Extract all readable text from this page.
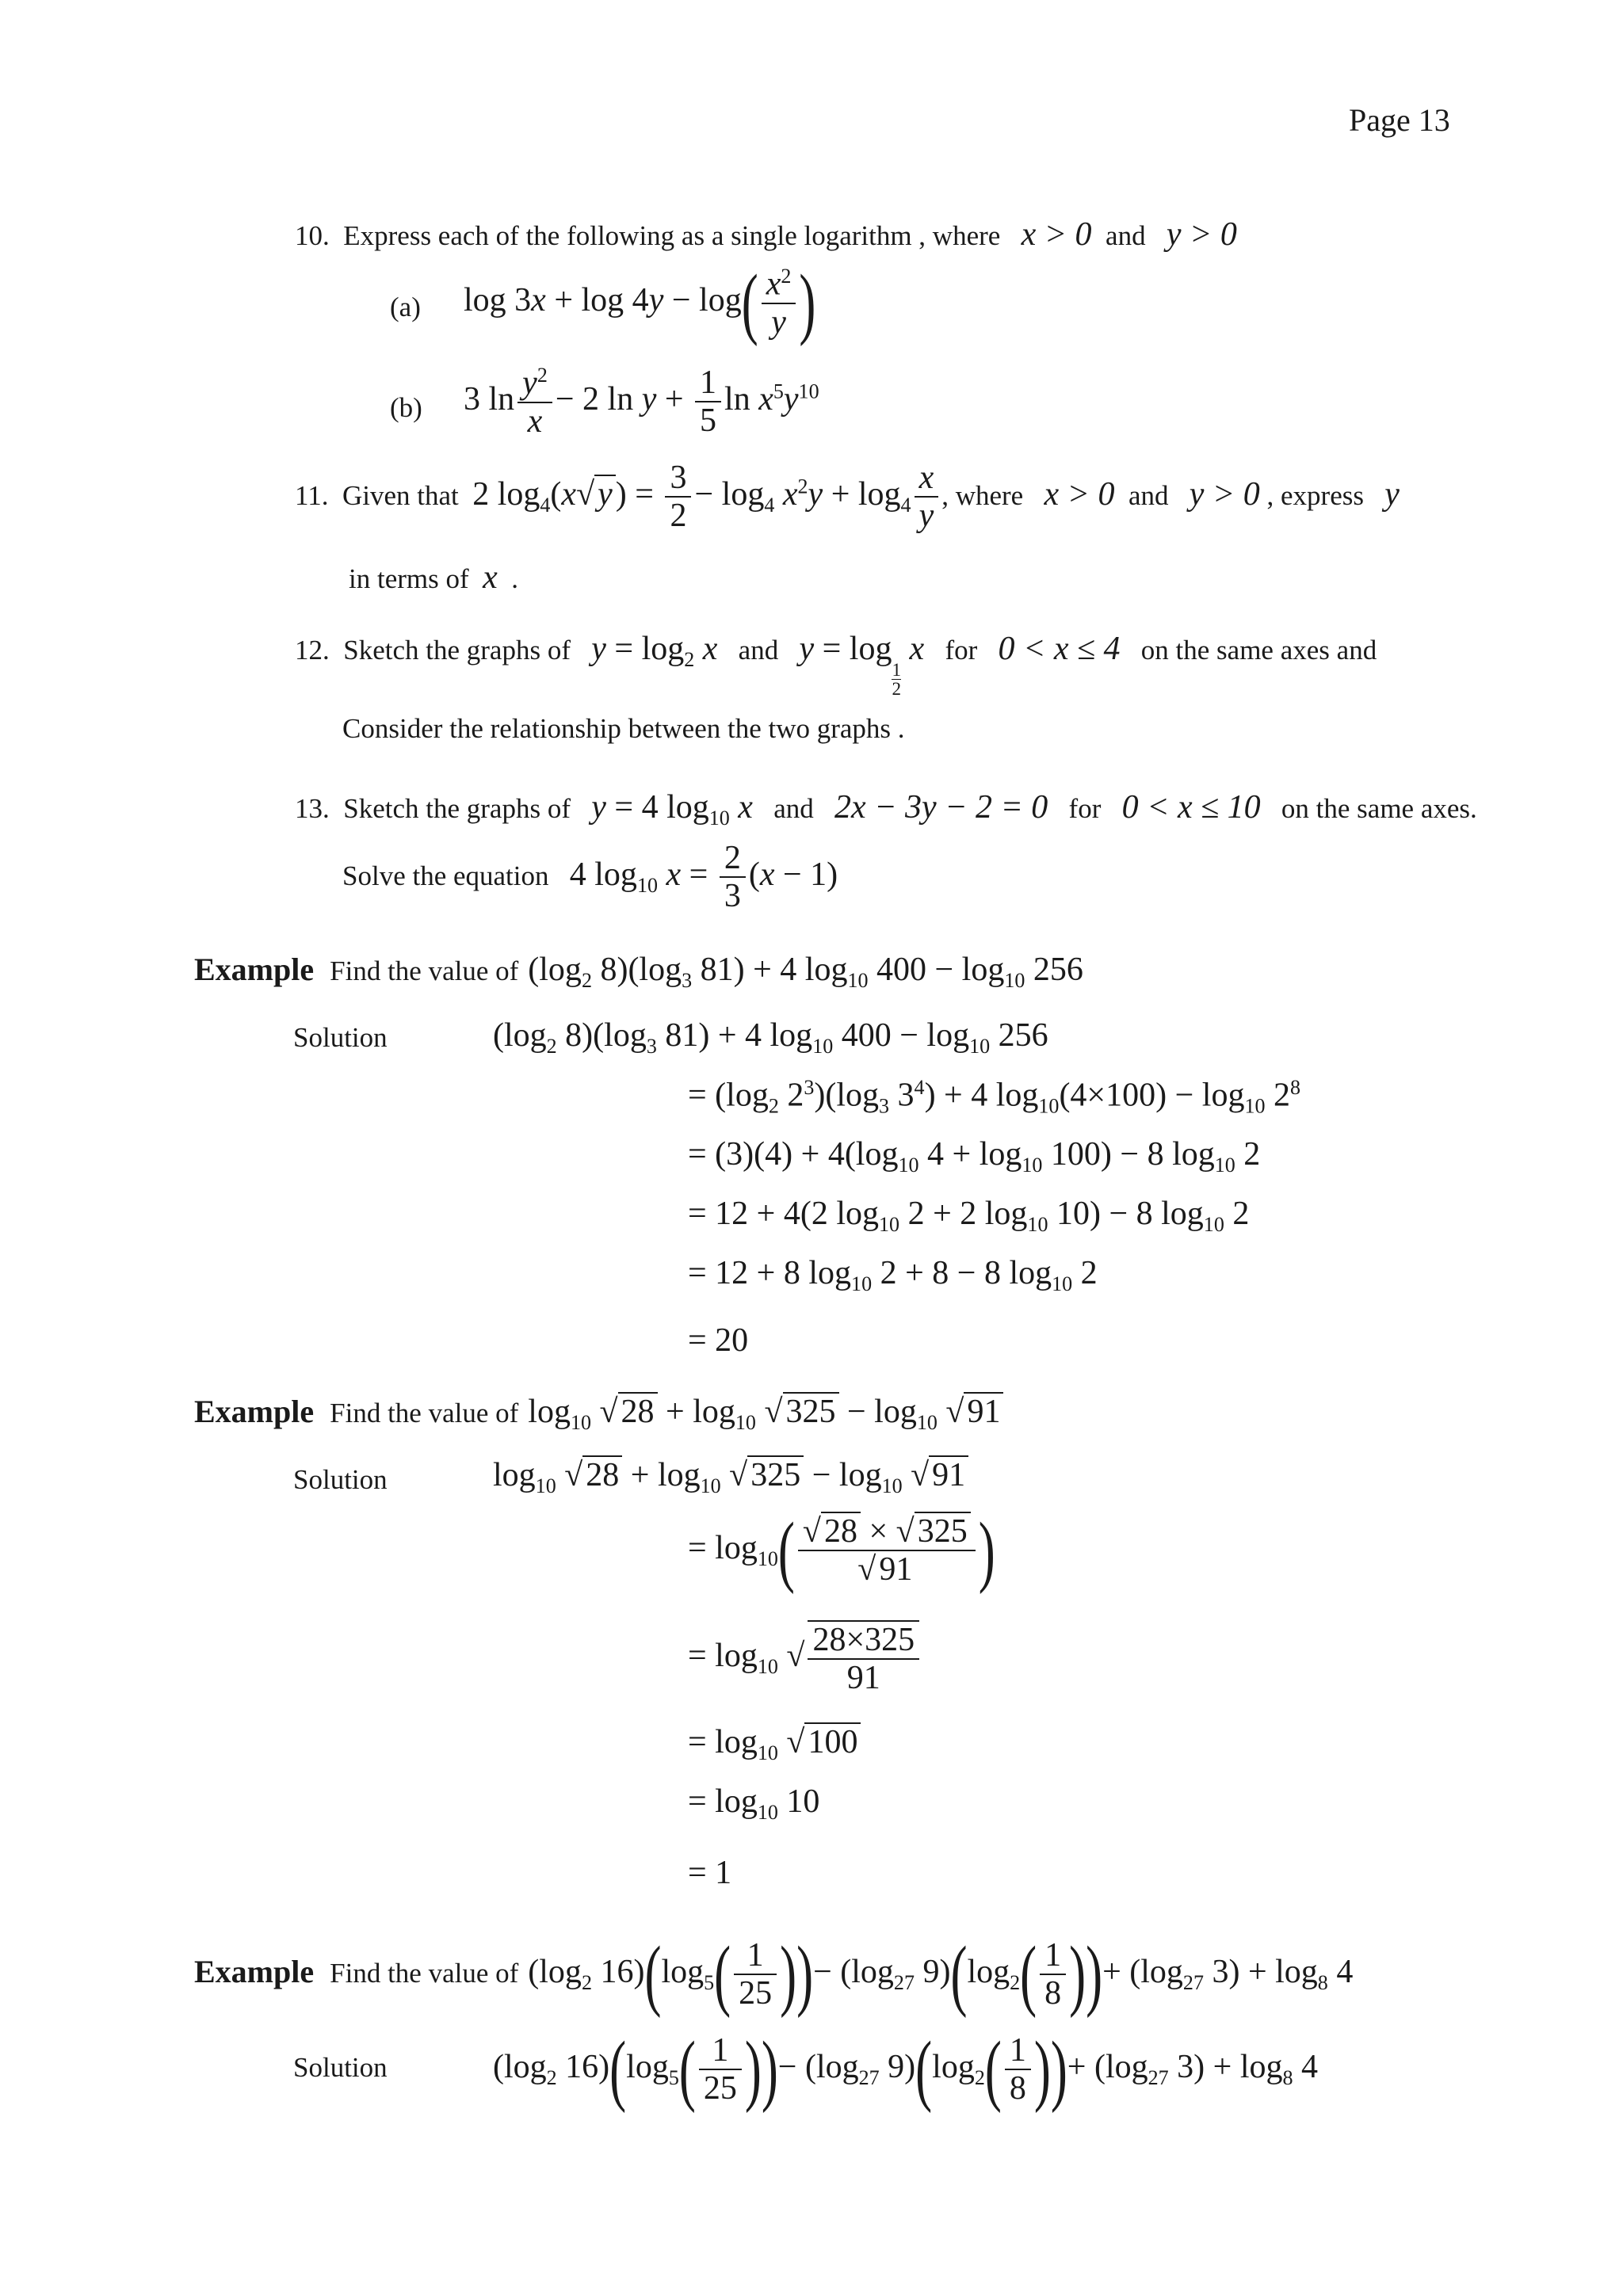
Page 13
10. Express each of the following as a single logarithm , where x > 0 and y > 0
(a) $\log 3x + \log 4y - \log( \frac{x^2}{y}$ )
(b) 3 $\ln \frac{y^2}{x} - 2$ $\ln y + \frac{1}{5}$ $\ln x^5y^{10}$
11. Given that 2 $\log_4(x√y) = \frac{3}{2} - \log_4 x^2y + \log_4 \frac{x}{y}$ , where x > 0 and y > 0 , express y
in terms of x .
12. Sketch the graphs of $y = \log_2 x$ and y = log
$\frac{1}{2}$
x for 0 < x ≤ 4 on the same axes and
Consider the relationship between the two graphs .
13. Sketch the graphs of y = 4 $\log_{10} x$ and 2x − 3y − 2 = 0 for 0 < x ≤ 10 on the same axes.
Solve the equation 4 $\log_{10} x = \frac{2}{3} (x - 1)$
Example Find the value of ($\log_2$ $8)(\log_3$ 81) + 4 $\log_{10} 400 - \log_{10} 256$
Solution	($\log_2$ $8)(\log_3$ 81) + 4 $\log_{10} 400 - \log_{10} 256$
= ($\log_2$ $2^3)(\log_3$ $3^4) + 4$ $\log_{10}(4\times 100) - \log_{10} 2^8$
= $(3)(4) + 4(\log_{10}$ $4 + \log_{10} 100) - 8$ $\log_{10} 2$
= 12 + 4(2 $\log_{10} 2 + 2$ $\log_{10} 10) - 8$ $\log_{10} 2$
= 12 + 8 $\log_{10} 2 + 8 - 8$ $\log_{10} 2$
= 20
Example Find the value of $\log_{10} √28 + \log_{10} √325 - \log_{10} √91$
Solution	$\log_{10} √28 + \log_{10} √325 - \log_{10} √91$
= $\log_{10}( \frac{√28 \times √325}{√91}$ )
= $\log_{10}$ √ $\frac{28\times 325}{91}$
= $\log_{10} √100$
= $\log_{10} 10$
= 1
Example Find the value of ($\log_2$ $16)(\log_5( \frac{1}{25}$ ))− ($\log_{27}$ $9)(\log_2( \frac{1}{8}$ ))+ ($\log_{27}$ $3) + \log_8 4$
Solution	($\log_2$ $16)(\log_5( \frac{1}{25}$ ))− ($\log_{27}$ $9)(\log_2( \frac{1}{8}$ ))+ ($\log_{27}$ $3) + \log_8 4$
